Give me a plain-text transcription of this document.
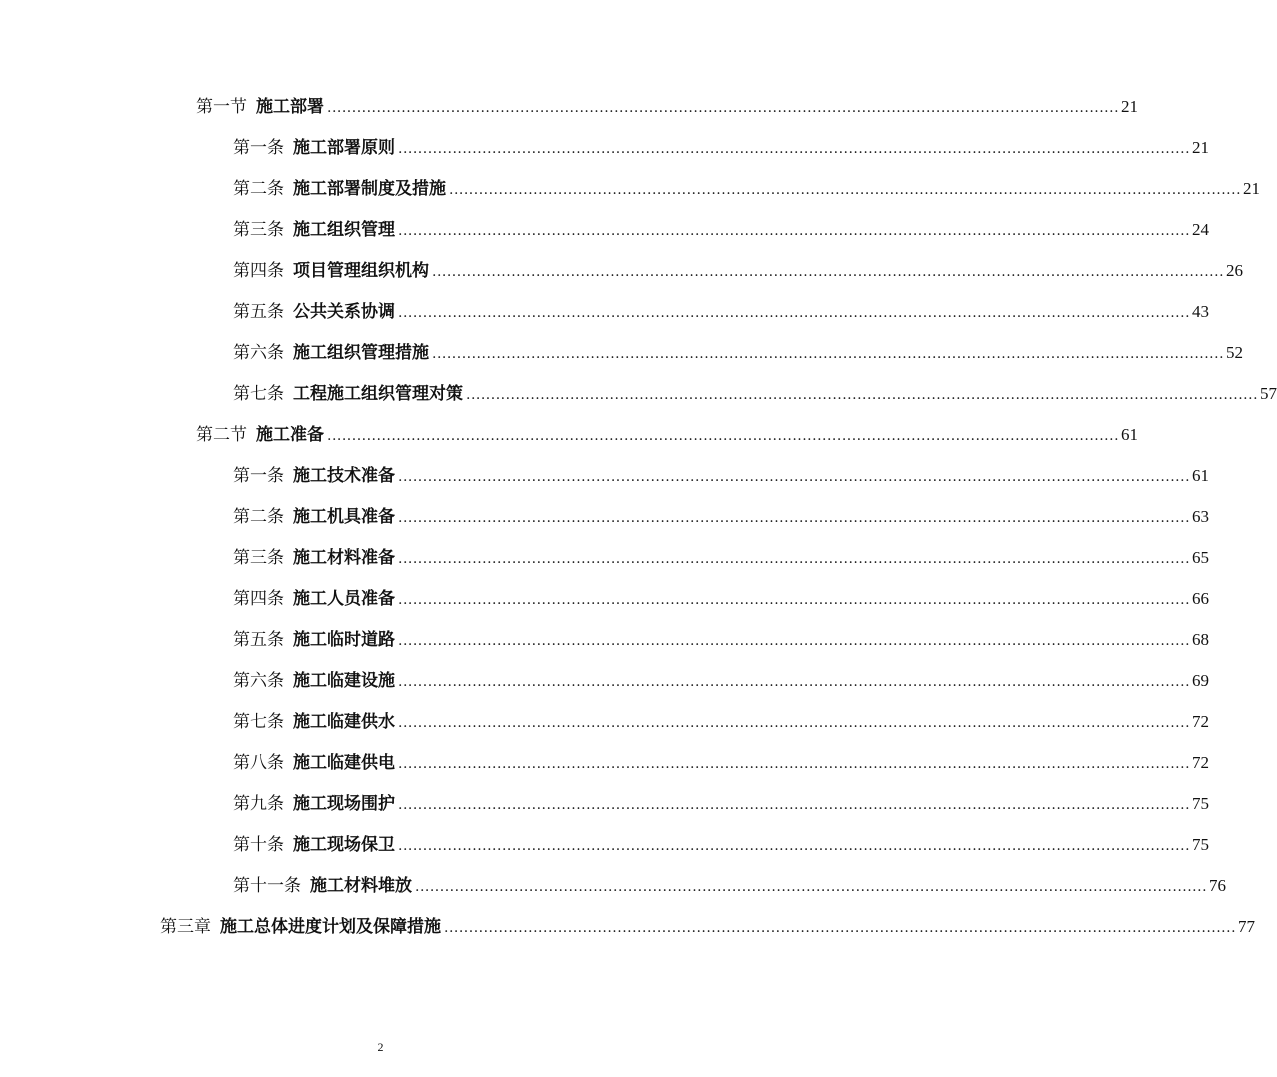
第一节 施工部署 ................................................................................................................................................................ 21
第一条 施工部署原则 ................................................................................................................................................................ 21
第二条 施工部署制度及措施 ................................................................................................................................................................ 21
第三条 施工组织管理 ................................................................................................................................................................ 24
第四条 项目管理组织机构 ................................................................................................................................................................ 26
第五条 公共关系协调 ................................................................................................................................................................ 43
第六条 施工组织管理措施 ................................................................................................................................................................ 52
第七条 工程施工组织管理对策 ................................................................................................................................................................ 57
第二节 施工准备 ................................................................................................................................................................ 61
第一条 施工技术准备 ................................................................................................................................................................ 61
第二条 施工机具准备 ................................................................................................................................................................ 63
第三条 施工材料准备 ................................................................................................................................................................ 65
第四条 施工人员准备 ................................................................................................................................................................ 66
第五条 施工临时道路 ................................................................................................................................................................ 68
第六条 施工临建设施 ................................................................................................................................................................ 69
第七条 施工临建供水 ................................................................................................................................................................ 72
第八条 施工临建供电 ................................................................................................................................................................ 72
第九条 施工现场围护 ................................................................................................................................................................ 75
第十条 施工现场保卫 ................................................................................................................................................................ 75
第十一条 施工材料堆放 ................................................................................................................................................................ 76
第三章 施工总体进度计划及保障措施 ................................................................................................................................................................ 77
2
